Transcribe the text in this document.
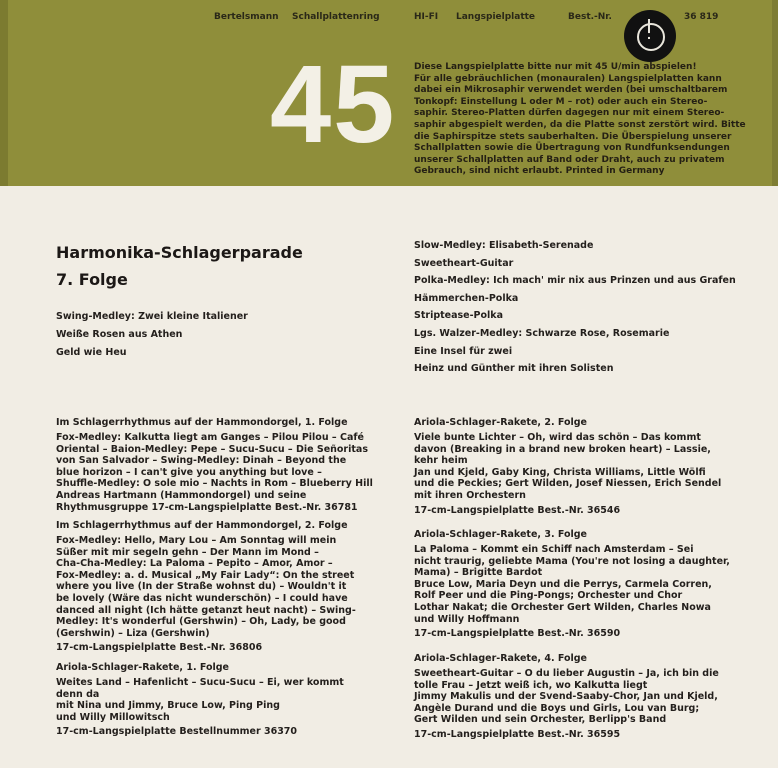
Bertelsmann Schallplattenring	HI-FI Langspielplatte	Best.-Nr.	36 819
45 Diese Langspielplatte bitte nur mit 45 U/min abspielen!
Für alle gebräuchlichen (monauralen) Langspielplatten kann
dabei ein Mikrosaphir verwendet werden (bei umschaltbarem
Tonkopf: Einstellung L oder M – rot) oder auch ein Stereo-
saphir. Stereo-Platten dürfen dagegen nur mit einem Stereo-
saphir abgespielt werden, da die Platte sonst zerstört wird. Bitte
die Saphirspitze stets sauberhalten. Die Überspielung unserer
Schallplatten sowie die Übertragung von Rundfunksendungen
unserer Schallplatten auf Band oder Draht, auch zu privatem
Gebrauch, sind nicht erlaubt. Printed in Germany

Harmonika-Schlagerparade
7. Folge
Swing-Medley: Zwei kleine Italiener
Weiße Rosen aus Athen
Geld wie Heu
Slow-Medley: Elisabeth-Serenade
Sweetheart-Guitar
Polka-Medley: Ich mach' mir nix aus Prinzen und aus Grafen
Hämmerchen-Polka
Striptease-Polka
Lgs. Walzer-Medley: Schwarze Rose, Rosemarie
Eine Insel für zwei
Heinz und Günther mit ihren Solisten
Im Schlagerrhythmus auf der Hammondorgel, 1. Folge

Fox-Medley: Kalkutta liegt am Ganges – Pilou Pilou – Café
Oriental – Baion-Medley: Pepe – Sucu-Sucu – Die Señoritas
von San Salvador – Swing-Medley: Dinah – Beyond the
blue horizon – I can't give you anything but love –
Shuffle-Medley: O sole mio – Nachts in Rom – Blueberry Hill
Andreas Hartmann (Hammondorgel) und seine
Rhythmusgruppe 17-cm-Langspielplatte Best.-Nr. 36781

Im Schlagerrhythmus auf der Hammondorgel, 2. Folge

Fox-Medley: Hello, Mary Lou – Am Sonntag will mein
Süßer mit mir segeln gehn – Der Mann im Mond –
Cha-Cha-Medley: La Paloma – Pepito – Amor, Amor –
Fox-Medley: a. d. Musical „My Fair Lady“: On the street
where you live (In der Straße wohnst du) – Wouldn't it
be lovely (Wäre das nicht wunderschön) – I could have
danced all night (Ich hätte getanzt heut nacht) – Swing-
Medley: It's wonderful (Gershwin) – Oh, Lady, be good
(Gershwin) – Liza (Gershwin)

17-cm-Langspielplatte Best.-Nr. 36806
Ariola-Schlager-Rakete, 1. Folge

Weites Land – Hafenlicht – Sucu-Sucu – Ei, wer kommt
denn da
mit Nina und Jimmy, Bruce Low, Ping Ping
und Willy Millowitsch

17-cm-Langspielplatte Bestellnummer 36370
Ariola-Schlager-Rakete, 2. Folge

Viele bunte Lichter – Oh, wird das schön – Das kommt
davon (Breaking in a brand new broken heart) – Lassie,
kehr heim
Jan und Kjeld, Gaby King, Christa Williams, Little Wölfi
und die Peckies; Gert Wilden, Josef Niessen, Erich Sendel
mit ihren Orchestern

17-cm-Langspielplatte Best.-Nr. 36546
Ariola-Schlager-Rakete, 3. Folge

La Paloma – Kommt ein Schiff nach Amsterdam – Sei
nicht traurig, geliebte Mama (You're not losing a daughter,
Mama) – Brigitte Bardot
Bruce Low, Maria Deyn und die Perrys, Carmela Corren,
Rolf Peer und die Ping-Pongs; Orchester und Chor
Lothar Nakat; die Orchester Gert Wilden, Charles Nowa
und Willy Hoffmann

17-cm-Langspielplatte Best.-Nr. 36590
Ariola-Schlager-Rakete, 4. Folge

Sweetheart-Guitar – O du lieber Augustin – Ja, ich bin die
tolle Frau – Jetzt weiß ich, wo Kalkutta liegt
Jimmy Makulis und der Svend-Saaby-Chor, Jan und Kjeld,
Angèle Durand und die Boys und Girls, Lou van Burg;
Gert Wilden und sein Orchester, Berlipp's Band

17-cm-Langspielplatte Best.-Nr. 36595
